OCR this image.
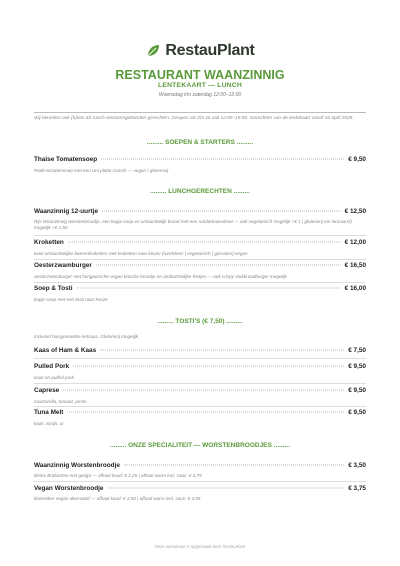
RestauPlant
RESTAURANT WAANZINNIG
LENTEKAART — LUNCH
Woensdag t/m zaterdag 12:00–12:00
Wij bereiden ook (b)iets als lunch seizoensgebonden gerechten. Geopen als t/m za vail 12:00–15:00. Gerechten van de lentekaart vanaf 16 april 2025.
......... SOEPEN & STARTERS .........
Thaise Tomatensoep	€ 9,50
Rode tomatensoep met een Uni platte crunch — vegan / glutenvrij
......... LUNCHGERECHTEN .........
Waanzinnig 12-uurtje	€ 12,50
Rijs Waanzinnig worstenbroodje, een kopje soep en ambachtelijk brood met een runderkaaselmet — ook vegetarisch mogelijk +€ 1 | glutenvrij om lancaarsf) mogelijk +€ 1,50
Kroketten	€ 12,00
twee ambachtelijke boerenkroketten met kroketten naar keuze (rundvlees | vegetarisch | garnalen) vegan
Oesterzwamburger	€ 16,50
oesterzwamburger met hongaarsche vegan brioche broodje en ambachtelijke frietjes — ook crispy stokbroodburger mogelijk
Soep & Tosti	€ 16,00
kopje soep met een tosti naar keuze
......... TOSTI'S (€ 7,50) .........
Inclusief huisgemaakte ketsaus. Glutenvrij mogelijk.
Kaas of Ham & Kaas	€ 7,50
Pulled Pork	€ 9,50
kaas en pulled pork
Caprese	€ 9,50
mozzarella, tomaat, pesto
Tuna Melt	€ 9,50
kaas, tonijn, ui
......... ONZE SPECIALITEIT — WORSTENBROODJES .........
Waanzinnig Worstenbroodje	€ 3,50
kleine Brabantse met gerijpt — afhaal koud: € 2,25 | afhaal warm incl. saus: € 3,75
Vegan Worstenbroodje	€ 3,75
klassieker vegan alternatief — afhaal koud: € 2,50 | afhaal warm incl. saus: € 3,95
Deze menukaart is opgemaakt door RestauPlant
